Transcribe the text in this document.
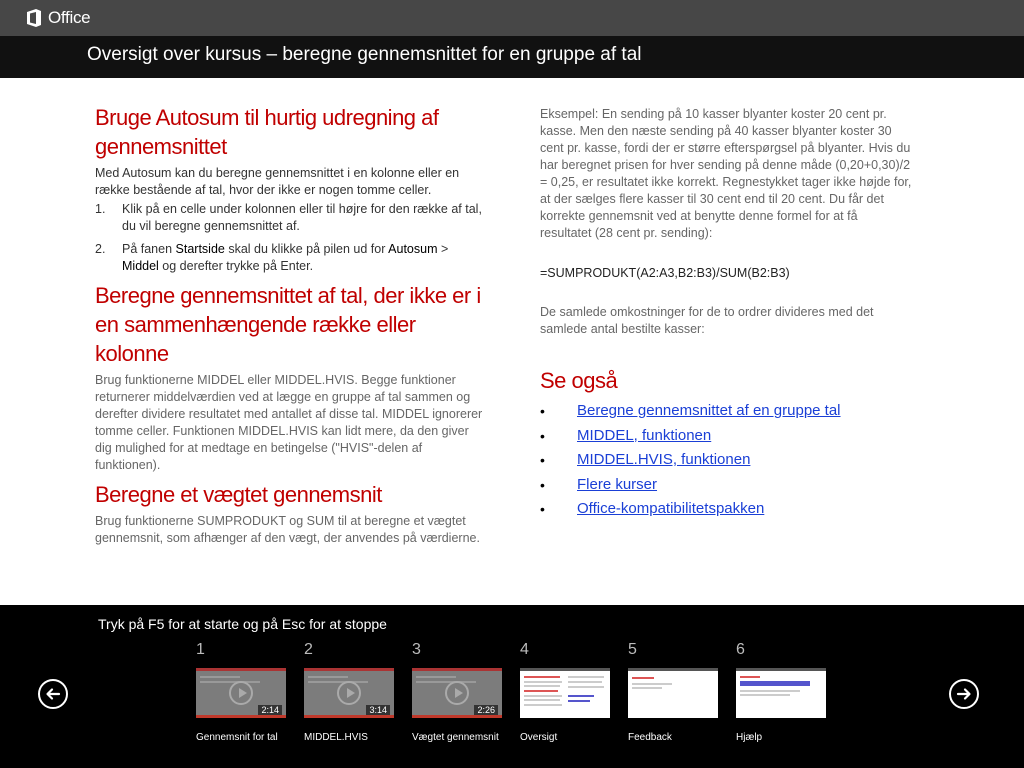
Office
Oversigt over kursus – beregne gennemsnittet for en gruppe af tal
Bruge Autosum til hurtig udregning af gennemsnittet

Med Autosum kan du beregne gennemsnittet i en kolonne eller en række bestående af tal, hvor der ikke er nogen tomme celler.

1. Klik på en celle under kolonnen eller til højre for den række af tal, du vil beregne gennemsnittet af.
2. På fanen Startside skal du klikke på pilen ud for Autosum > Middel og derefter trykke på Enter.
Beregne gennemsnittet af tal, der ikke er i en sammenhængende række eller kolonne

Brug funktionerne MIDDEL eller MIDDEL.HVIS. Begge funktioner returnerer middelværdien ved at lægge en gruppe af tal sammen og derefter dividere resultatet med antallet af disse tal. MIDDEL ignorerer tomme celler. Funktionen MIDDEL.HVIS kan lidt mere, da den giver dig mulighed for at medtage en betingelse ("HVIS"-delen af funktionen).

Beregne et vægtet gennemsnit

Brug funktionerne SUMPRODUKT og SUM til at beregne et vægtet gennemsnit, som afhænger af den vægt, der anvendes på værdierne.

Eksempel: En sending på 10 kasser blyanter koster 20 cent pr. kasse. Men den næste sending på 40 kasser blyanter koster 30 cent pr. kasse, fordi der er større efterspørgsel på blyanter. Hvis du har beregnet prisen for hver sending på denne måde (0,20+0,30)/2 = 0,25, er resultatet ikke korrekt. Regnestykket tager ikke højde for, at der sælges flere kasser til 30 cent end til 20 cent. Du får det korrekte gennemsnit ved at benytte denne formel for at få resultatet (28 cent pr. sending):

=SUMPRODUKT(A2:A3,B2:B3)/SUM(B2:B3)

De samlede omkostninger for de to ordrer divideres med det samlede antal bestilte kasser:

Se også
• Beregne gennemsnittet af en gruppe tal
• MIDDEL, funktionen
• MIDDEL.HVIS, funktionen
• Flere kurser
• Office-kompatibilitetspakken

Tryk på F5 for at starte og på Esc for at stoppe

1
2:14
Gennemsnit for tal
2
3:14
MIDDEL.HVIS
3
2:26
Vægtet gennemsnit
4
Oversigt
5
Feedback
6
Hjælp
